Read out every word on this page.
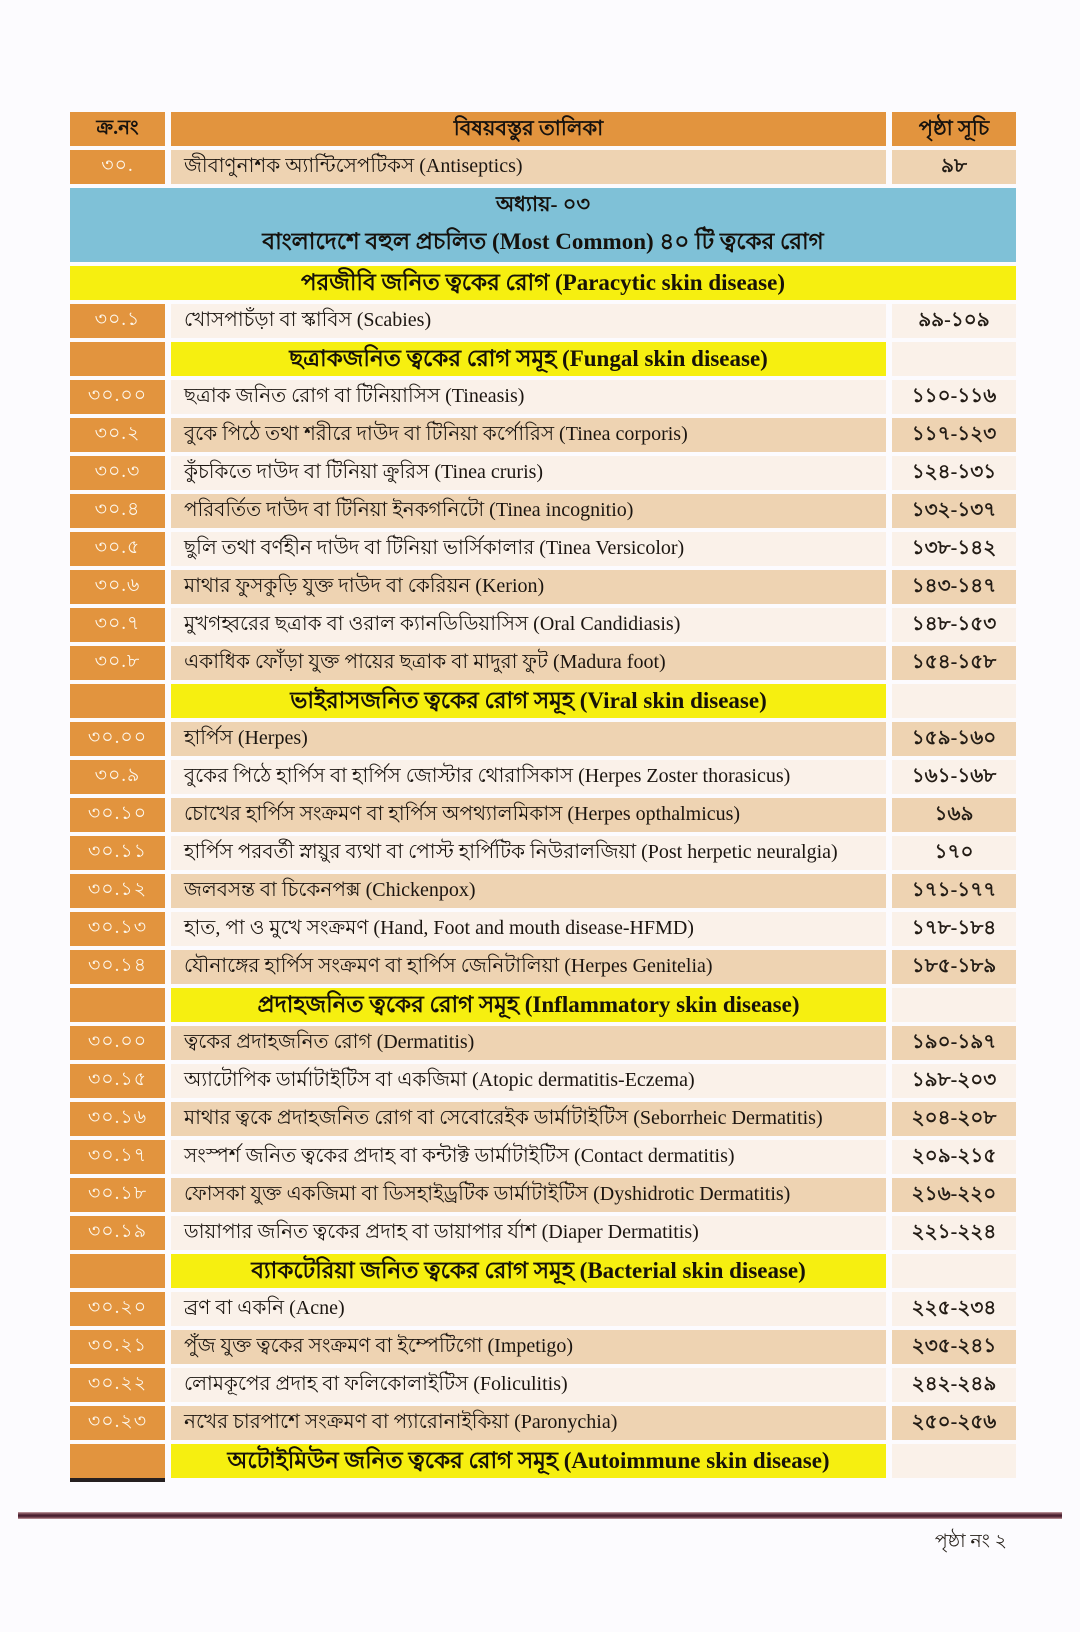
ক্র.নং	বিষয়বস্তুর তালিকা	পৃষ্ঠা সূচি
৩০.	জীবাণুনাশক অ্যান্টিসেপটিকস (Antiseptics)	৯৮
অধ্যায়- ০৩
বাংলাদেশে বহুল প্রচলিত (Most Common) ৪০ টি ত্বকের রোগ
পরজীবি জনিত ত্বকের রোগ (Paracytic skin disease)
৩০.১	খোসপাচঁড়া বা স্কাবিস (Scabies)	৯৯-১০৯
ছত্রাকজনিত ত্বকের রোগ সমূহ (Fungal skin disease)
৩০.০০	ছত্রাক জনিত রোগ বা টিনিয়াসিস (Tineasis)	১১০-১১৬
৩০.২	বুকে পিঠে তথা শরীরে দাউদ বা টিনিয়া কর্পোরিস (Tinea corporis)	১১৭-১২৩
৩০.৩	কুঁচকিতে দাউদ বা টিনিয়া ক্রুরিস (Tinea cruris)	১২৪-১৩১
৩০.৪	পরিবর্তিত দাউদ বা টিনিয়া ইনকগনিটো (Tinea incognitio)	১৩২-১৩৭
৩০.৫	ছুলি তথা বর্ণহীন দাউদ বা টিনিয়া ভার্সিকালার (Tinea Versicolor)	১৩৮-১৪২
৩০.৬	মাথার ফুসকুড়ি যুক্ত দাউদ বা কেরিয়ন (Kerion)	১৪৩-১৪৭
৩০.৭	মুখগহ্বরের ছত্রাক বা ওরাল ক্যানডিডিয়াসিস (Oral Candidiasis)	১৪৮-১৫৩
৩০.৮	একাধিক ফোঁড়া যুক্ত পায়ের ছত্রাক বা মাদুরা ফুট (Madura foot)	১৫৪-১৫৮
ভাইরাসজনিত ত্বকের রোগ সমূহ (Viral skin disease)
৩০.০০	হার্পিস (Herpes)	১৫৯-১৬০
৩০.৯	বুকের পিঠে হার্পিস বা হার্পিস জোস্টার থোরাসিকাস (Herpes Zoster thorasicus)	১৬১-১৬৮
৩০.১০	চোখের হার্পিস সংক্রমণ বা হার্পিস অপথ্যালমিকাস (Herpes opthalmicus)	১৬৯
৩০.১১	হার্পিস পরবর্তী স্নায়ুর ব্যথা বা পোস্ট হার্পিটিক নিউরালজিয়া (Post herpetic neuralgia)	১৭০
৩০.১২	জলবসন্ত বা চিকেনপক্স (Chickenpox)	১৭১-১৭৭
৩০.১৩	হাত, পা ও মুখে সংক্রমণ (Hand, Foot and mouth disease-HFMD)	১৭৮-১৮৪
৩০.১৪	যৌনাঙ্গের হার্পিস সংক্রমণ বা হার্পিস জেনিটালিয়া (Herpes Genitelia)	১৮৫-১৮৯
প্রদাহজনিত ত্বকের রোগ সমূহ (Inflammatory skin disease)
৩০.০০	ত্বকের প্রদাহজনিত রোগ (Dermatitis)	১৯০-১৯৭
৩০.১৫	অ্যাটোপিক ডার্মাটাইটিস বা একজিমা (Atopic dermatitis-Eczema)	১৯৮-২০৩
৩০.১৬	মাথার ত্বকে প্রদাহজনিত রোগ বা সেবোরেইক ডার্মাটাইটিস (Seborrheic Dermatitis)	২০৪-২০৮
৩০.১৭	সংস্পর্শ জনিত ত্বকের প্রদাহ বা কন্টাক্ট ডার্মাটাইটিস (Contact dermatitis)	২০৯-২১৫
৩০.১৮	ফোসকা যুক্ত একজিমা বা ডিসহাইড্রটিক ডার্মাটাইটিস (Dyshidrotic Dermatitis)	২১৬-২২০
৩০.১৯	ডায়াপার জনিত ত্বকের প্রদাহ বা ডায়াপার র্যাশ (Diaper Dermatitis)	২২১-২২৪
ব্যাকটেরিয়া জনিত ত্বকের রোগ সমূহ (Bacterial skin disease)
৩০.২০	ব্রণ বা একনি (Acne)	২২৫-২৩৪
৩০.২১	পুঁজ যুক্ত ত্বকের সংক্রমণ বা ইম্পেটিগো (Impetigo)	২৩৫-২৪১
৩০.২২	লোমকূপের প্রদাহ বা ফলিকোলাইটিস (Foliculitis)	২৪২-২৪৯
৩০.২৩	নখের চারপাশে সংক্রমণ বা প্যারোনাইকিয়া (Paronychia)	২৫০-২৫৬
অটোইমিউন জনিত ত্বকের রোগ সমূহ (Autoimmune skin disease)
পৃষ্ঠা নং ২
